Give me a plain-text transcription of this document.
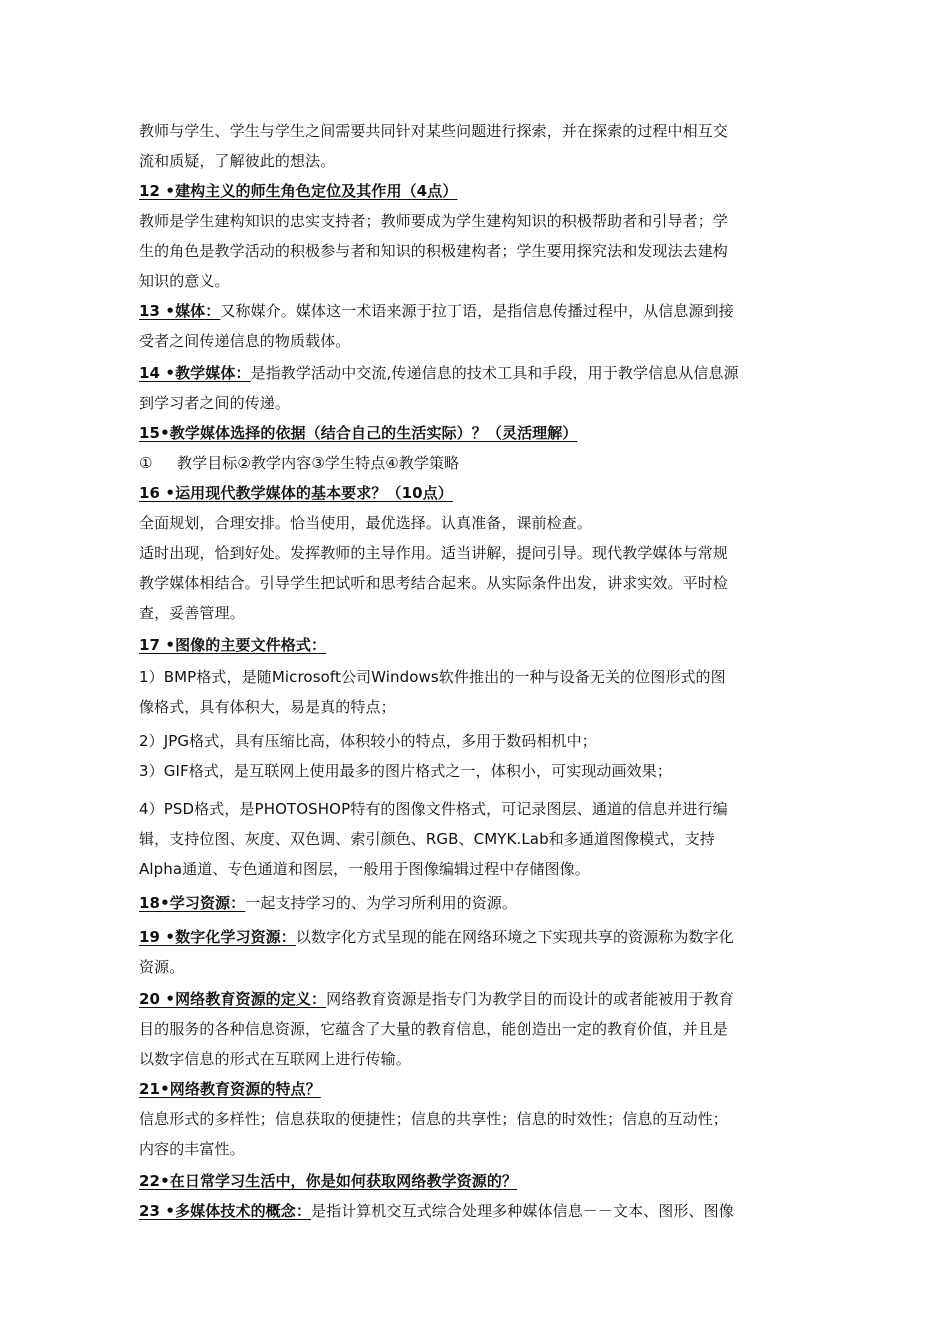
教师与学生、学生与学生之间需要共同针对某些问题进行探索，并在探索的过程中相互交
流和质疑，了解彼此的想法。
12 •建构主义的师生角色定位及其作用（4点）
教师是学生建构知识的忠实支持者；教师要成为学生建构知识的积极帮助者和引导者；学
生的角色是教学活动的积极参与者和知识的积极建构者；学生要用探究法和发现法去建构
知识的意义。
13 •媒体：又称媒介。媒体这一术语来源于拉丁语，是指信息传播过程中，从信息源到接
受者之间传递信息的物质载体。
14 •教学媒体：是指教学活动中交流,传递信息的技术工具和手段，用于教学信息从信息源
到学习者之间的传递。
15•教学媒体选择的依据（结合自己的生活实际）？（灵活理解）
① 教学目标②教学内容③学生特点④教学策略
16 •运用现代教学媒体的基本要求？（10点）
全面规划，合理安排。恰当使用，最优选择。认真准备，课前检查。
适时出现，恰到好处。发挥教师的主导作用。适当讲解，提问引导。现代教学媒体与常规
教学媒体相结合。引导学生把试听和思考结合起来。从实际条件出发，讲求实效。平时检
查，妥善管理。
17 •图像的主要文件格式：
1）BMP格式，是随Microsoft公司Windows软件推出的一种与设备无关的位图形式的图
像格式，具有体积大，易是真的特点；
2）JPG格式，具有压缩比高，体积较小的特点，多用于数码相机中；
3）GIF格式，是互联网上使用最多的图片格式之一，体积小，可实现动画效果；
4）PSD格式，是PHOTOSHOP特有的图像文件格式，可记录图层、通道的信息并进行编
辑，支持位图、灰度、双色调、索引颜色、RGB、CMYK.Lab和多通道图像模式，支持
Alpha通道、专色通道和图层，一般用于图像编辑过程中存储图像。
18•学习资源：一起支持学习的、为学习所利用的资源。
19 •数字化学习资源：以数字化方式呈现的能在网络环境之下实现共享的资源称为数字化
资源。
20 •网络教育资源的定义：网络教育资源是指专门为教学目的而设计的或者能被用于教育
目的服务的各种信息资源，它蕴含了大量的教育信息，能创造出一定的教育价值，并且是
以数字信息的形式在互联网上进行传输。
21•网络教育资源的特点？
信息形式的多样性；信息获取的便捷性；信息的共享性；信息的时效性；信息的互动性；
内容的丰富性。
22•在日常学习生活中，你是如何获取网络教学资源的？
23 •多媒体技术的概念：是指计算机交互式综合处理多种媒体信息－－文本、图形、图像
